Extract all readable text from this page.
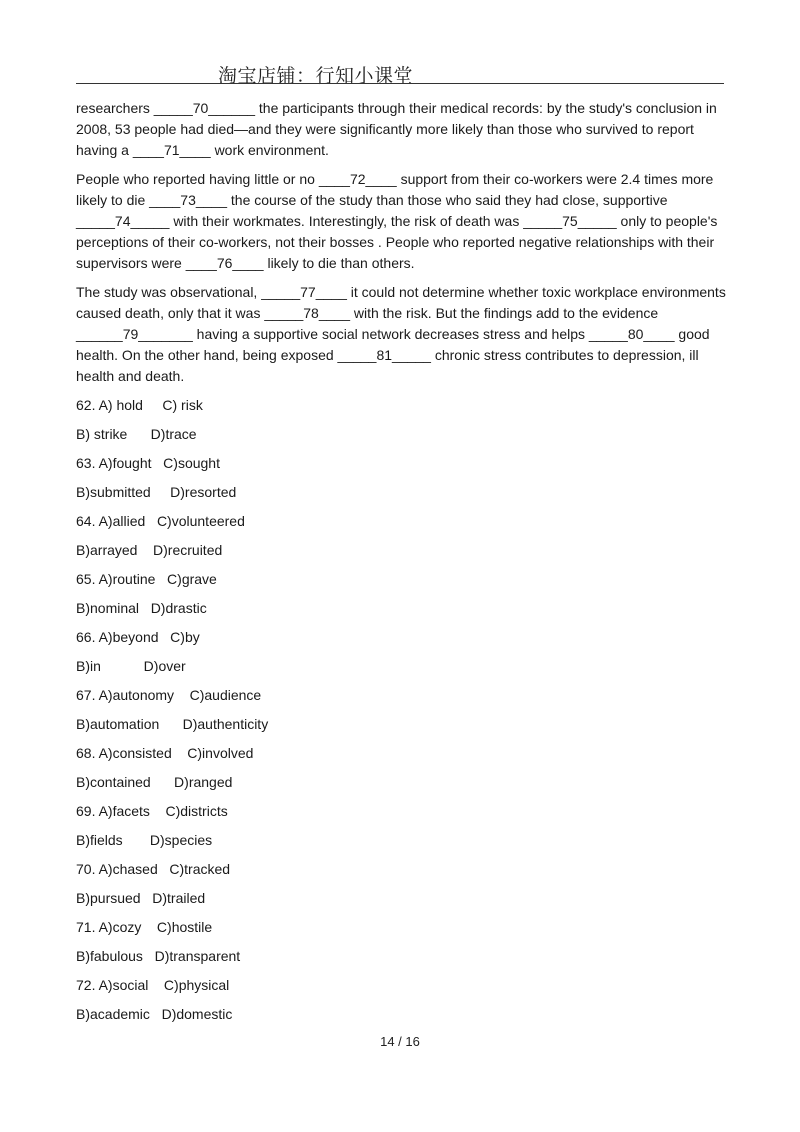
淘宝店铺：行知小课堂

researchers _____70______ the participants through their medical records: by the study's conclusion in 2008, 53 people had died—and they were significantly more likely than those who survived to report having a ____71____ work environment.

People who reported having little or no ____72____ support from their co-workers were 2.4 times more likely to die ____73____ the course of the study than those who said they had close, supportive _____74_____ with their workmates. Interestingly, the risk of death was _____75_____ only to people's perceptions of their co-workers, not their bosses . People who reported negative relationships with their supervisors were ____76____ likely to die than others.

The study was observational, _____77____ it could not determine whether toxic workplace environments caused death, only that it was _____78____ with the risk. But the findings add to the evidence ______79_______ having a supportive social network decreases stress and helps _____80____ good health. On the other hand, being exposed _____81_____ chronic stress contributes to depression, ill health and death.

62. A) hold     C) risk
B) strike      D)trace
63. A)fought   C)sought
B)submitted     D)resorted
64. A)allied   C)volunteered
B)arrayed    D)recruited
65. A)routine   C)grave
B)nominal   D)drastic
66. A)beyond   C)by
B)in           D)over
67. A)autonomy    C)audience
B)automation      D)authenticity
68. A)consisted    C)involved
B)contained      D)ranged
69. A)facets    C)districts
B)fields       D)species
70. A)chased   C)tracked
B)pursued   D)trailed
71. A)cozy    C)hostile
B)fabulous   D)transparent
72. A)social    C)physical
B)academic   D)domestic
14 / 16
